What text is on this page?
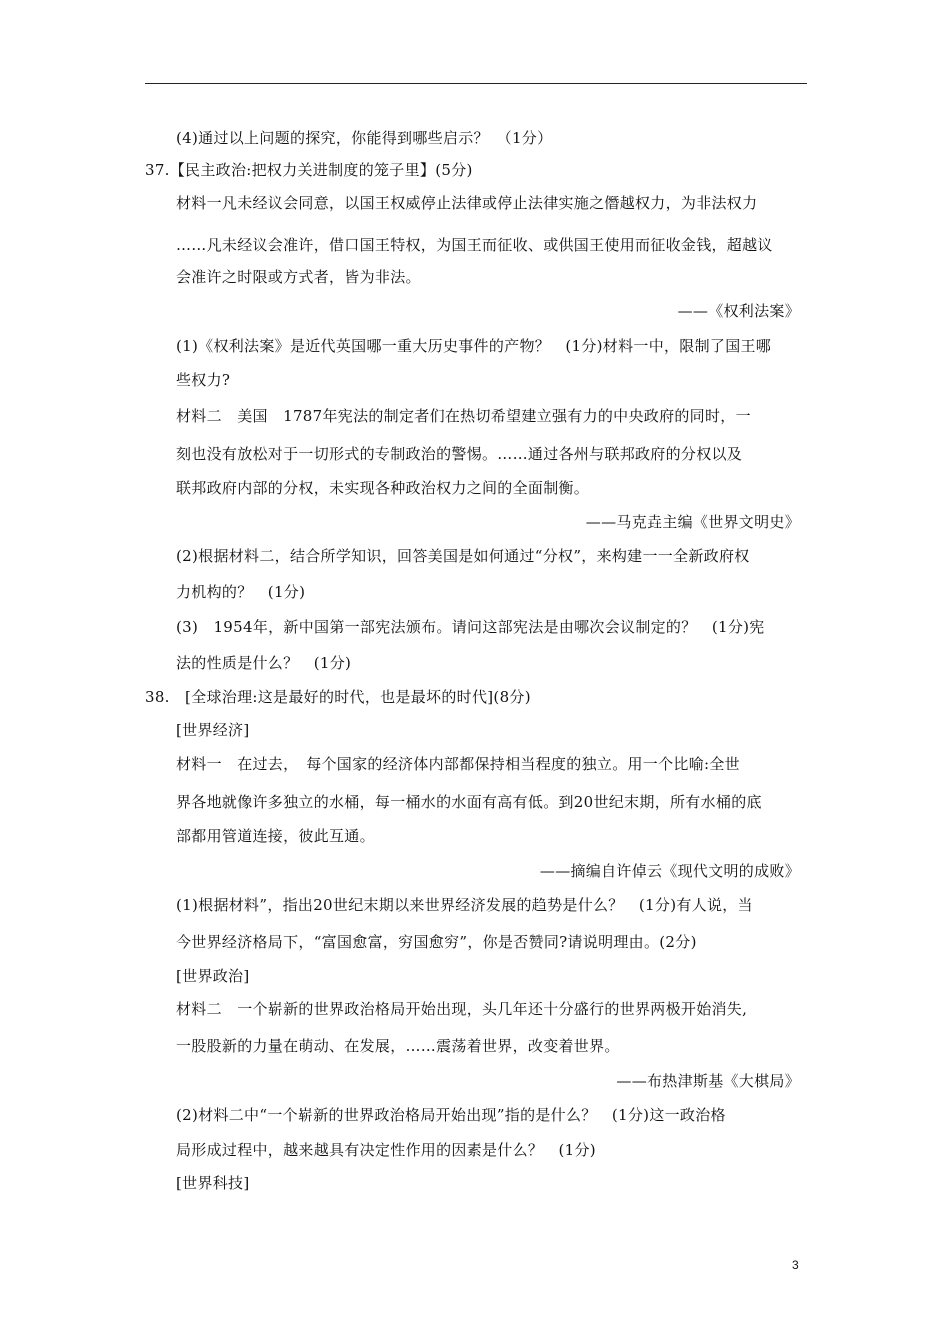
(4)通过以上问题的探究，你能得到哪些启示？　（1分）
37.【民主政治:把权力关进制度的笼子里】(5分)
材料一凡未经议会同意，以国王权威停止法律或停止法律实施之僭越权力，为非法权力
……凡未经议会准许，借口国王特权，为国王而征收、或供国王使用而征收金钱，超越议
会准许之时限或方式者，皆为非法。
——《权利法案》
(1)《权利法案》是近代英国哪一重大历史事件的产物？　(1分)材料一中，限制了国王哪
些权力?
材料二　美国　1787年宪法的制定者们在热切希望建立强有力的中央政府的同时，一
刻也没有放松对于一切形式的专制政治的警惕。……通过各州与联邦政府的分权以及
联邦政府内部的分权，未实现各种政治权力之间的全面制衡。
——马克垚主编《世界文明史》
(2)根据材料二，结合所学知识，回答美国是如何通过“分权”，来构建一一全新政府权
力机构的？　(1分)
(3)　1954年，新中国第一部宪法颁布。请问这部宪法是由哪次会议制定的？　(1分)宪
法的性质是什么？　(1分)
38.　[全球治理:这是最好的时代，也是最坏的时代](8分)
[世界经济]
材料一　在过去，　每个国家的经济体内部都保持相当程度的独立。用一个比喻:全世
界各地就像许多独立的水桶，每一桶水的水面有高有低。到20世纪末期，所有水桶的底
部都用管道连接，彼此互通。
——摘编自许倬云《现代文明的成败》
(1)根据材料”，指出20世纪末期以来世界经济发展的趋势是什么？　(1分)有人说，当
今世界经济格局下，“富国愈富，穷国愈穷”，你是否赞同?请说明理由。(2分)
[世界政治]
材料二　一个崭新的世界政治格局开始出现，头几年还十分盛行的世界两极开始消失,
一股股新的力量在萌动、在发展，……震荡着世界，改变着世界。
——布热津斯基《大棋局》
(2)材料二中“一个崭新的世界政治格局开始出现”指的是什么？　(1分)这一政治格
局形成过程中，越来越具有决定性作用的因素是什么？　(1分)
[世界科技]
3
